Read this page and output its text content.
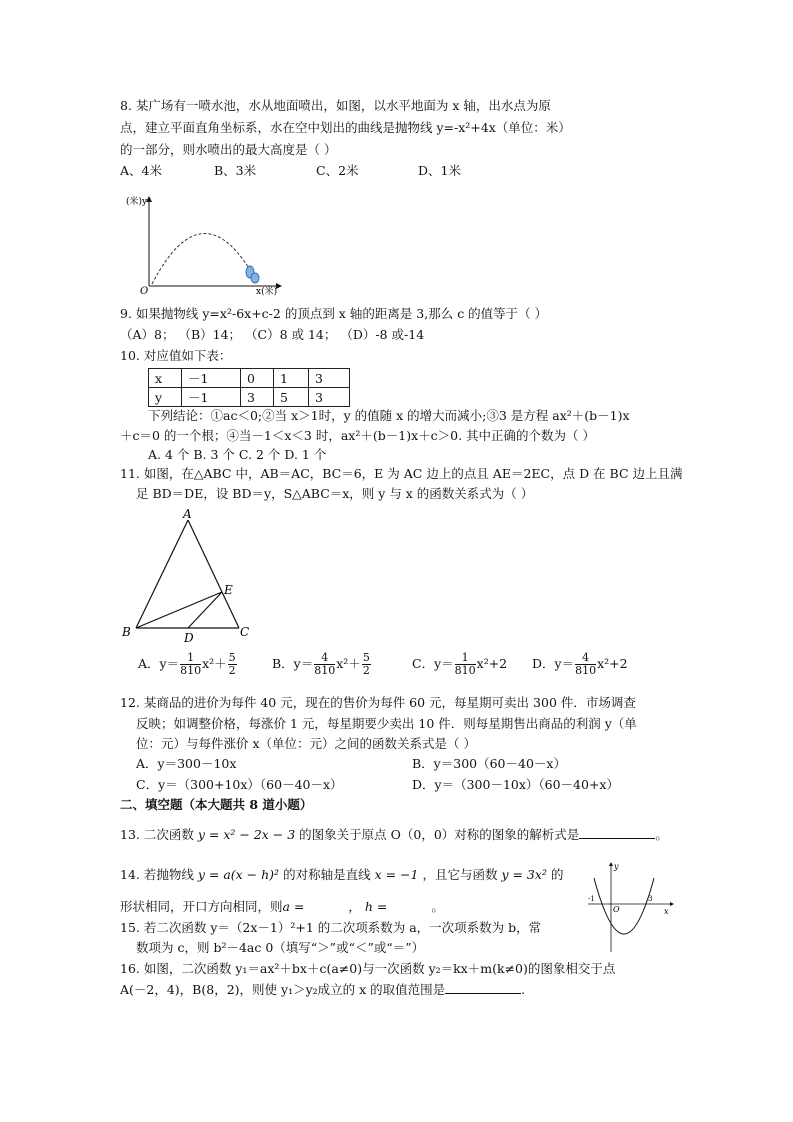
8. 某广场有一喷水池，水从地面喷出，如图，以水平地面为 x 轴，出水点为原
点，建立平面直角坐标系，水在空中划出的曲线是抛物线 y=-x²+4x（单位：米）
的一部分，则水喷出的最大高度是（ ）
A、4米	B、3米	C、2米	D、1米
(米)y
x(米)
O
9. 如果抛物线 y=x²-6x+c-2 的顶点到 x 轴的距离是 3,那么 c 的值等于（ ）
（A）8； （B）14； （C）8 或 14； （D）-8 或-14
10. 对应值如下表：
x	－1	0	1	3
y	－1	3	5	3
下列结论：①ac＜0;②当 x＞1时，y 的值随 x 的增大而减小;③3 是方程 ax²＋(b－1)x
＋c＝0 的一个根；④当－1＜x＜3 时，ax²＋(b－1)x＋c＞0. 其中正确的个数为（ ）
A. 4 个 B. 3 个 C. 2 个 D. 1 个
11. 如图，在△ABC 中，AB＝AC，BC＝6，E 为 AC 边上的点且 AE＝2EC，点 D 在 BC 边上且满
足 BD＝DE，设 BD＝y，S△ABC＝x，则 y 与 x 的函数关系式为（ ）
A
B	C
D
E
A．$y= \frac{1}{810} x^2+ \frac{5}{2}$	B．$y= \frac{4}{810} x^2+ \frac{5}{2}$	C．$y= \frac{1}{810} x^2+2$ D．$y= \frac{4}{810} x^2+2$
12. 某商品的进价为每件 40 元，现在的售价为每件 60 元，每星期可卖出 300 件．市场调查
反映；如调整价格，每涨价 1 元，每星期要少卖出 10 件．则每星期售出商品的利润 y（单
位：元）与每件涨价 x（单位：元）之间的函数关系式是（ ）
A．y＝300－10x	B．y＝300（60－40－x）
C．y＝（300+10x）（60－40－x）	D．y＝（300－10x）（60－40+x）
二、填空题（本大题共 8 道小题）
13. 二次函数 y = x² − 2x − 3 的图象关于原点 O（0，0）对称的图象的解析式是	。
14. 若抛物线 y = a(x − h)² 的对称轴是直线 x = −1 ，且它与函数 y = 3x² 的
形状相同，开口方向相同，则a =	， h =	。
y
x
O
-1	3
15. 若二次函数 y＝（2x－1）²+1 的二次项系数为 a，一次项系数为 b，常
数项为 c，则 b²－4ac 0（填写“＞”或“＜”或“＝”）
16. 如图，二次函数 y₁＝ax²＋bx＋c(a≠0)与一次函数 y₂＝kx＋m(k≠0)的图象相交于点
A(－2，4)，B(8，2)，则使 y₁＞y₂成立的 x 的取值范围是	.
